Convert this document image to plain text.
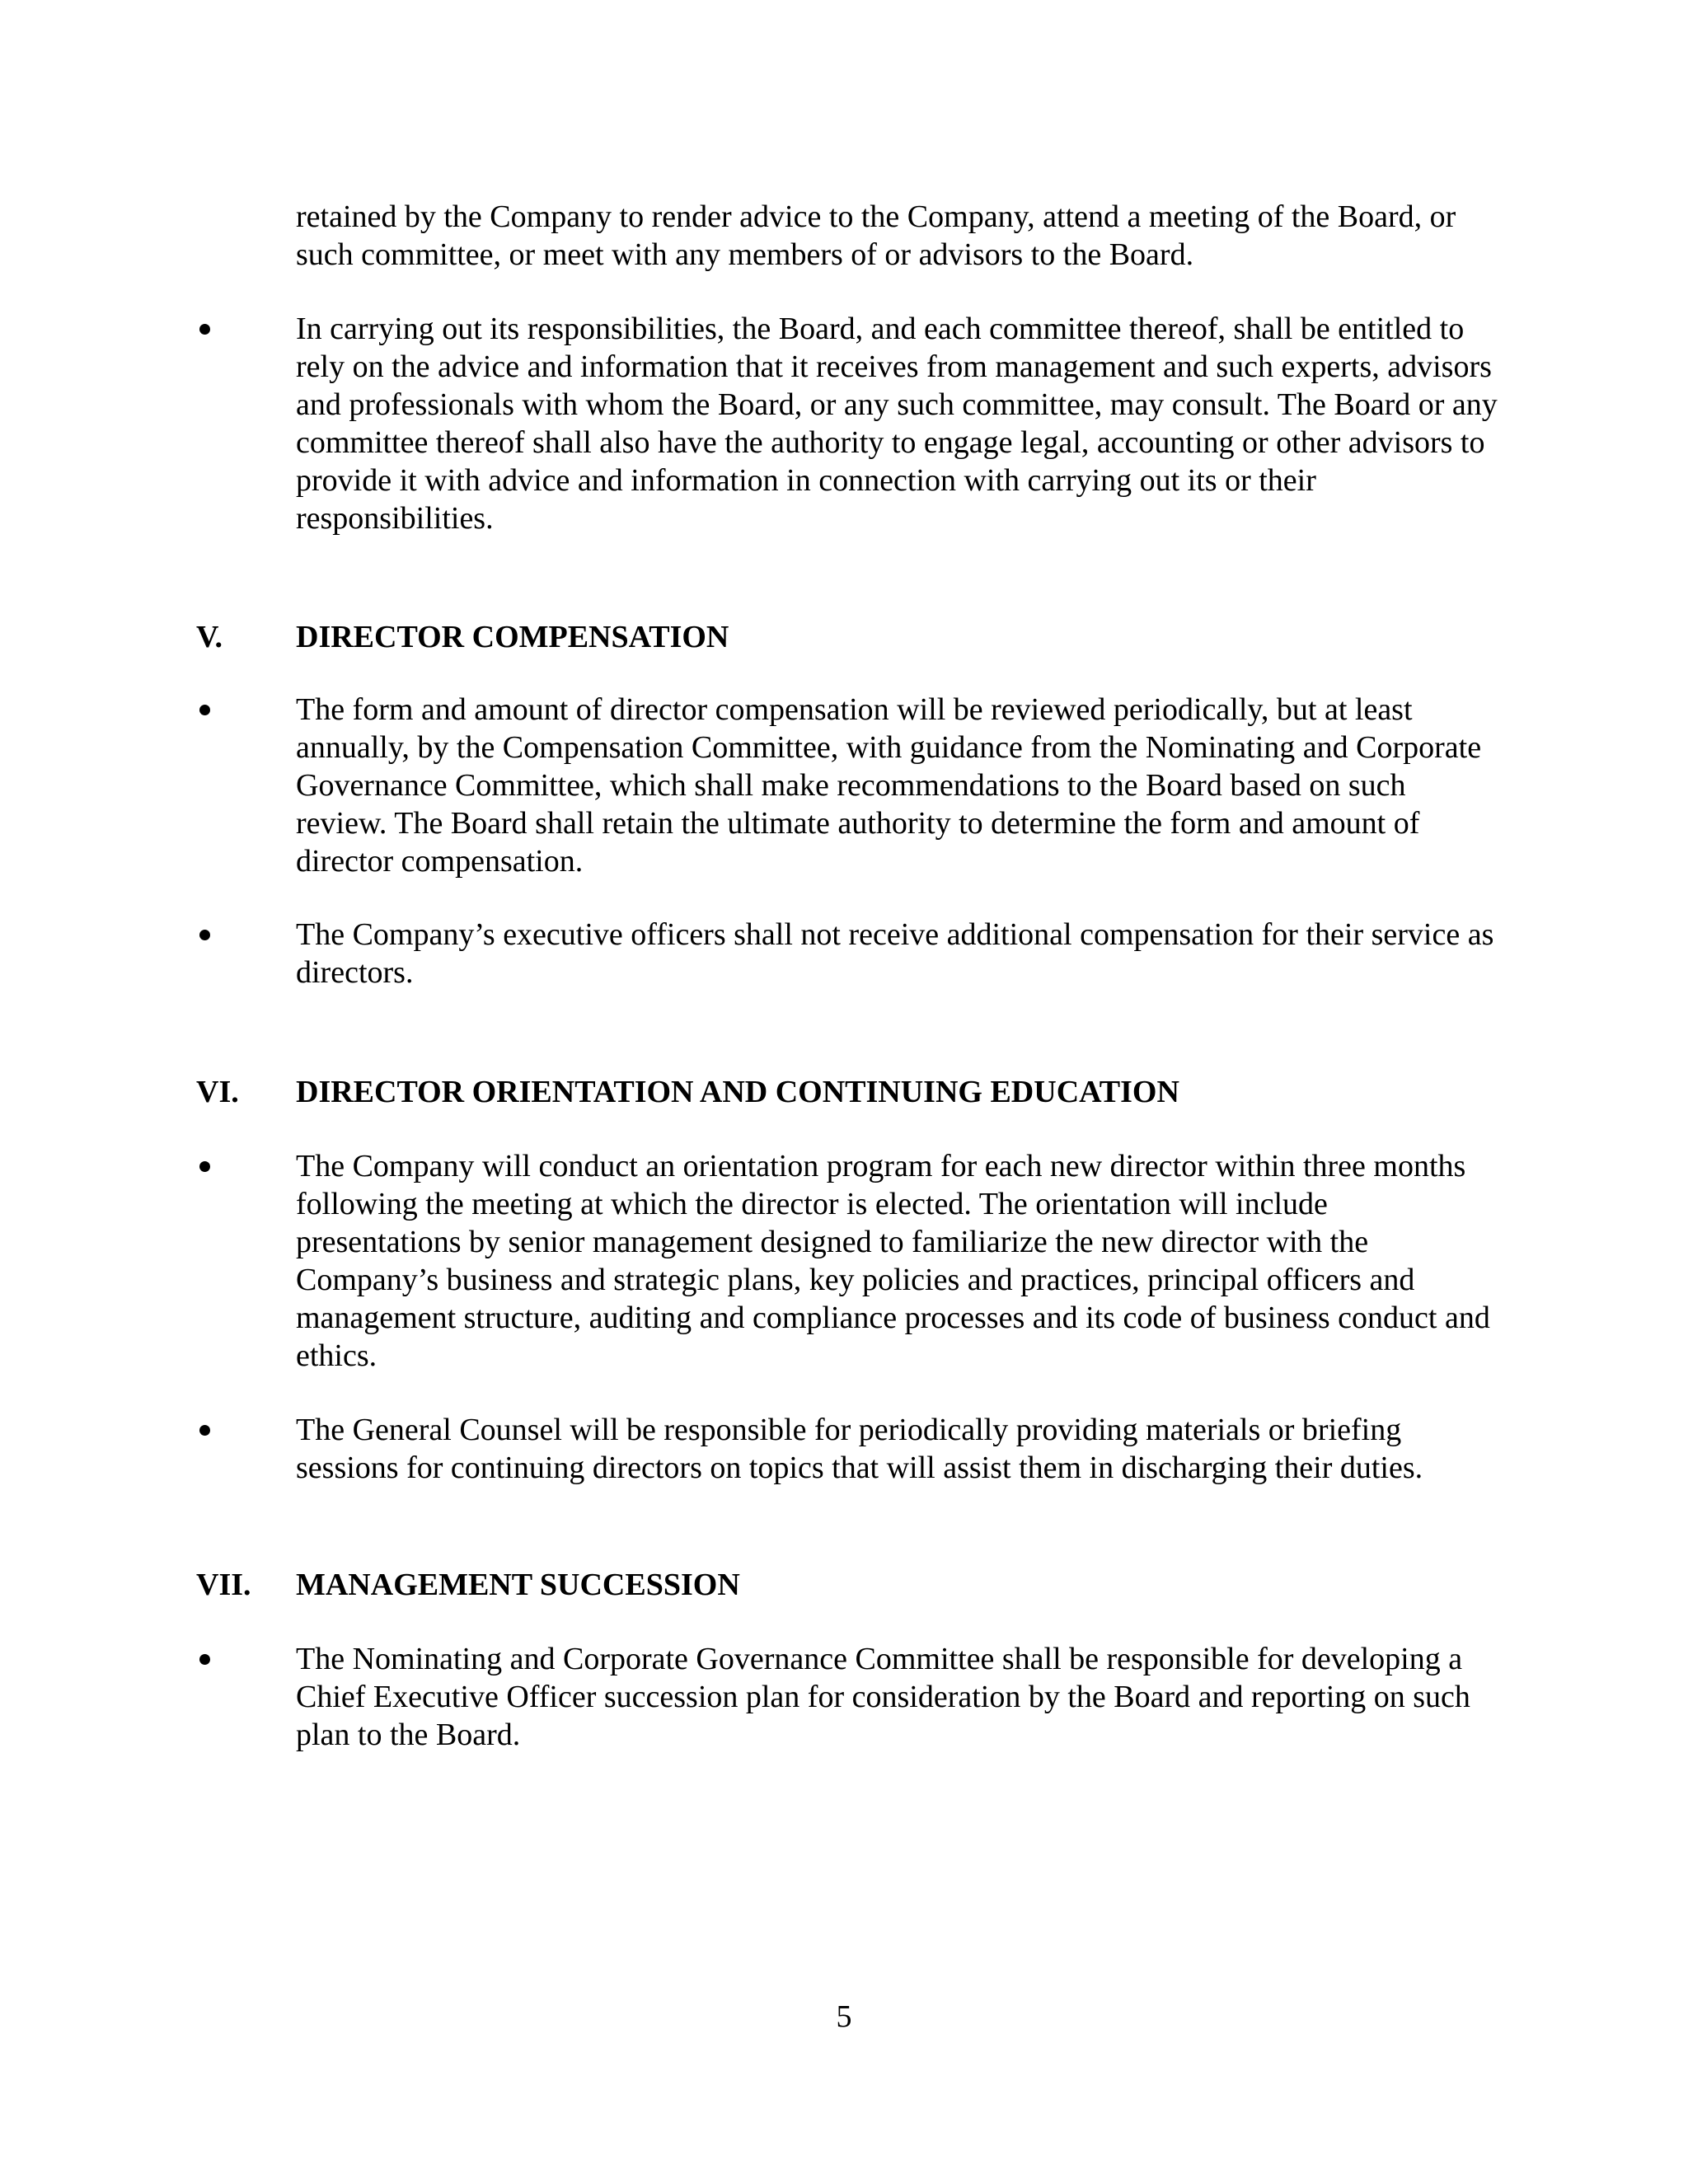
retained by the Company to render advice to the Company, attend a meeting of the Board, or such committee, or meet with any members of or advisors to the Board.

In carrying out its responsibilities, the Board, and each committee thereof, shall be entitled to rely on the advice and information that it receives from management and such experts, advisors and professionals with whom the Board, or any such committee, may consult. The Board or any committee thereof shall also have the authority to engage legal, accounting or other advisors to provide it with advice and information in connection with carrying out its or their responsibilities.

V. DIRECTOR COMPENSATION

The form and amount of director compensation will be reviewed periodically, but at least annually, by the Compensation Committee, with guidance from the Nominating and Corporate Governance Committee, which shall make recommendations to the Board based on such review. The Board shall retain the ultimate authority to determine the form and amount of director compensation.

The Company’s executive officers shall not receive additional compensation for their service as directors.

VI. DIRECTOR ORIENTATION AND CONTINUING EDUCATION

The Company will conduct an orientation program for each new director within three months following the meeting at which the director is elected. The orientation will include presentations by senior management designed to familiarize the new director with the Company’s business and strategic plans, key policies and practices, principal officers and management structure, auditing and compliance processes and its code of business conduct and ethics.

The General Counsel will be responsible for periodically providing materials or briefing sessions for continuing directors on topics that will assist them in discharging their duties.

VII. MANAGEMENT SUCCESSION

The Nominating and Corporate Governance Committee shall be responsible for developing a Chief Executive Officer succession plan for consideration by the Board and reporting on such plan to the Board.

5
